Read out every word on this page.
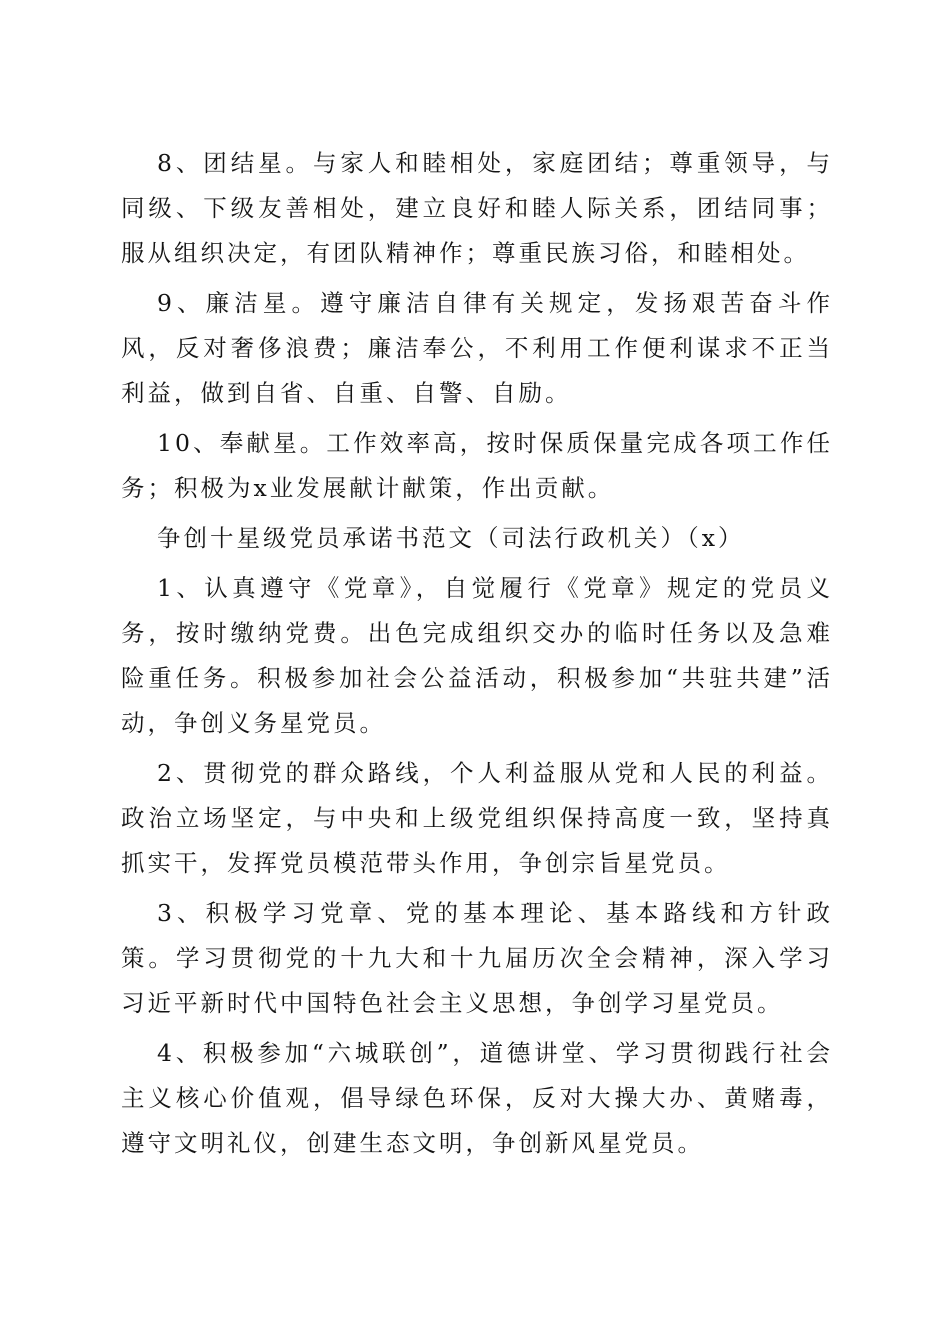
8、团结星。与家人和睦相处，家庭团结；尊重领导，与同级、下级友善相处，建立良好和睦人际关系，团结同事；服从组织决定，有团队精神作；尊重民族习俗，和睦相处。

9、廉洁星。遵守廉洁自律有关规定，发扬艰苦奋斗作风，反对奢侈浪费；廉洁奉公，不利用工作便利谋求不正当利益，做到自省、自重、自警、自励。

10、奉献星。工作效率高，按时保质保量完成各项工作任务；积极为x业发展献计献策，作出贡献。

争创十星级党员承诺书范文（司法行政机关）（x）

1、认真遵守《党章》，自觉履行《党章》规定的党员义务，按时缴纳党费。出色完成组织交办的临时任务以及急难险重任务。积极参加社会公益活动，积极参加“共驻共建”活动，争创义务星党员。

2、贯彻党的群众路线，个人利益服从党和人民的利益。政治立场坚定，与中央和上级党组织保持高度一致，坚持真抓实干，发挥党员模范带头作用，争创宗旨星党员。

3、积极学习党章、党的基本理论、基本路线和方针政策。学习贯彻党的十九大和十九届历次全会精神，深入学习习近平新时代中国特色社会主义思想，争创学习星党员。

4、积极参加“六城联创”，道德讲堂、学习贯彻践行社会主义核心价值观，倡导绿色环保，反对大操大办、黄赌毒，遵守文明礼仪，创建生态文明，争创新风星党员。
